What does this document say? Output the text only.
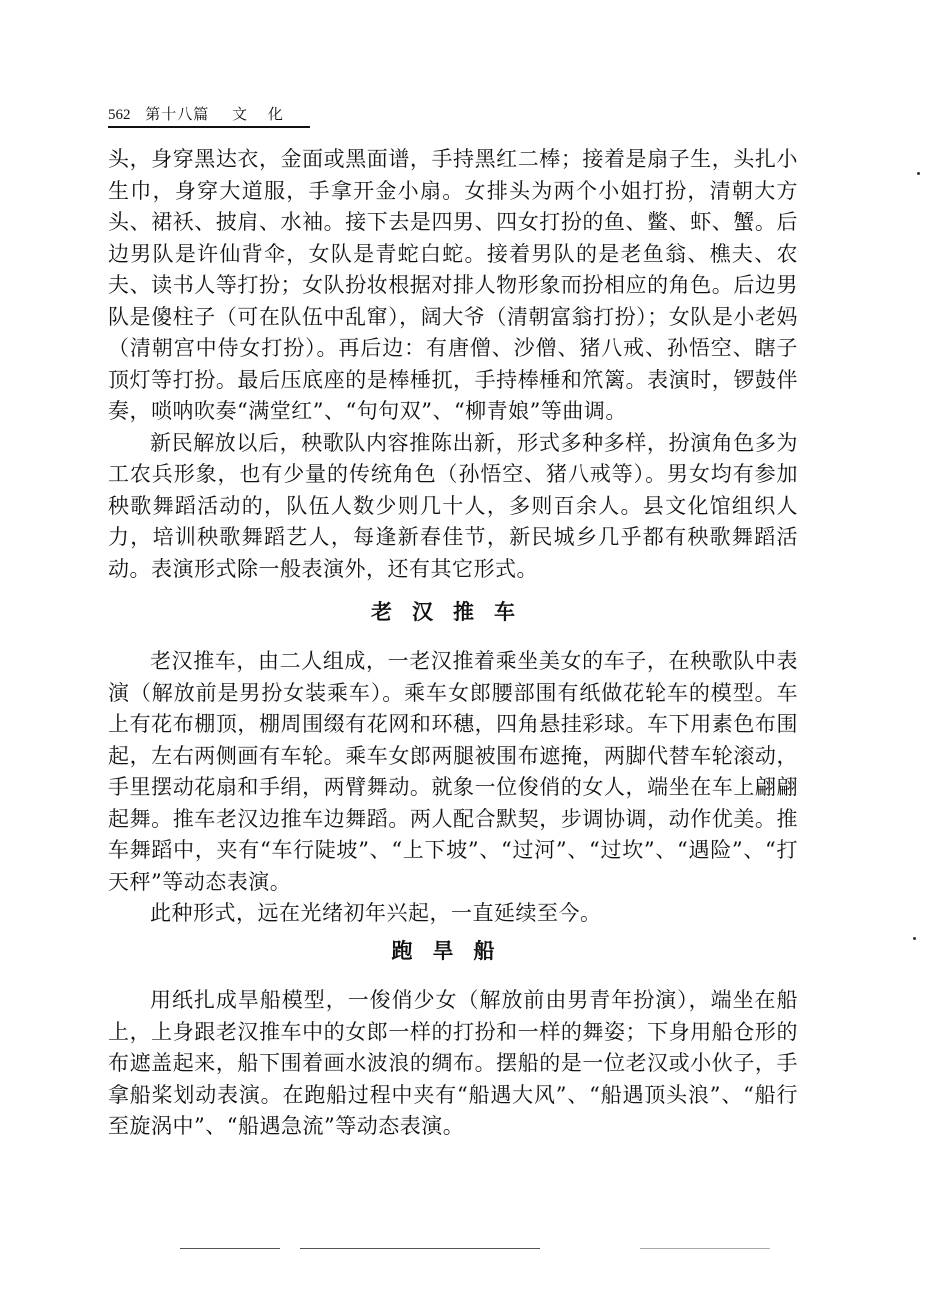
562 第十八篇 文 化

头，身穿黑达衣，金面或黑面谱，手持黑红二棒；接着是扇子生，头扎小生巾，身穿大道服，手拿开金小扇。女排头为两个小姐打扮，清朝大方头、裙袄、披肩、水袖。接下去是四男、四女打扮的鱼、鳖、虾、蟹。后边男队是许仙背伞，女队是青蛇白蛇。接着男队的是老鱼翁、樵夫、农夫、读书人等打扮；女队扮妆根据对排人物形象而扮相应的角色。后边男队是傻柱子（可在队伍中乱窜），阔大爷（清朝富翁打扮）；女队是小老妈（清朝宫中侍女打扮）。再后边：有唐僧、沙僧、猪八戒、孙悟空、瞎子顶灯等打扮。最后压底座的是棒棰扤，手持棒棰和笊篱。表演时，锣鼓伴奏，唢呐吹奏“满堂红”、“句句双”、“柳青娘”等曲调。

新民解放以后，秧歌队内容推陈出新，形式多种多样，扮演角色多为工农兵形象，也有少量的传统角色（孙悟空、猪八戒等）。男女均有参加秧歌舞蹈活动的，队伍人数少则几十人，多则百余人。县文化馆组织人力，培训秧歌舞蹈艺人，每逢新春佳节，新民城乡几乎都有秧歌舞蹈活动。表演形式除一般表演外，还有其它形式。

老汉推车

老汉推车，由二人组成，一老汉推着乘坐美女的车子，在秧歌队中表演（解放前是男扮女装乘车）。乘车女郎腰部围有纸做花轮车的模型。车上有花布棚顶，棚周围缀有花网和环穗，四角悬挂彩球。车下用素色布围起，左右两侧画有车轮。乘车女郎两腿被围布遮掩，两脚代替车轮滚动，手里摆动花扇和手绢，两臂舞动。就象一位俊俏的女人，端坐在车上翩翩起舞。推车老汉边推车边舞蹈。两人配合默契，步调协调，动作优美。推车舞蹈中，夹有“车行陡坡”、“上下坡”、“过河”、“过坎”、“遇险”、“打天秤”等动态表演。

此种形式，远在光绪初年兴起，一直延续至今。

跑旱船

用纸扎成旱船模型，一俊俏少女（解放前由男青年扮演），端坐在船上，上身跟老汉推车中的女郎一样的打扮和一样的舞姿；下身用船仓形的布遮盖起来，船下围着画水波浪的绸布。摆船的是一位老汉或小伙子，手拿船桨划动表演。在跑船过程中夹有“船遇大风”、“船遇顶头浪”、“船行至旋涡中”、“船遇急流”等动态表演。
